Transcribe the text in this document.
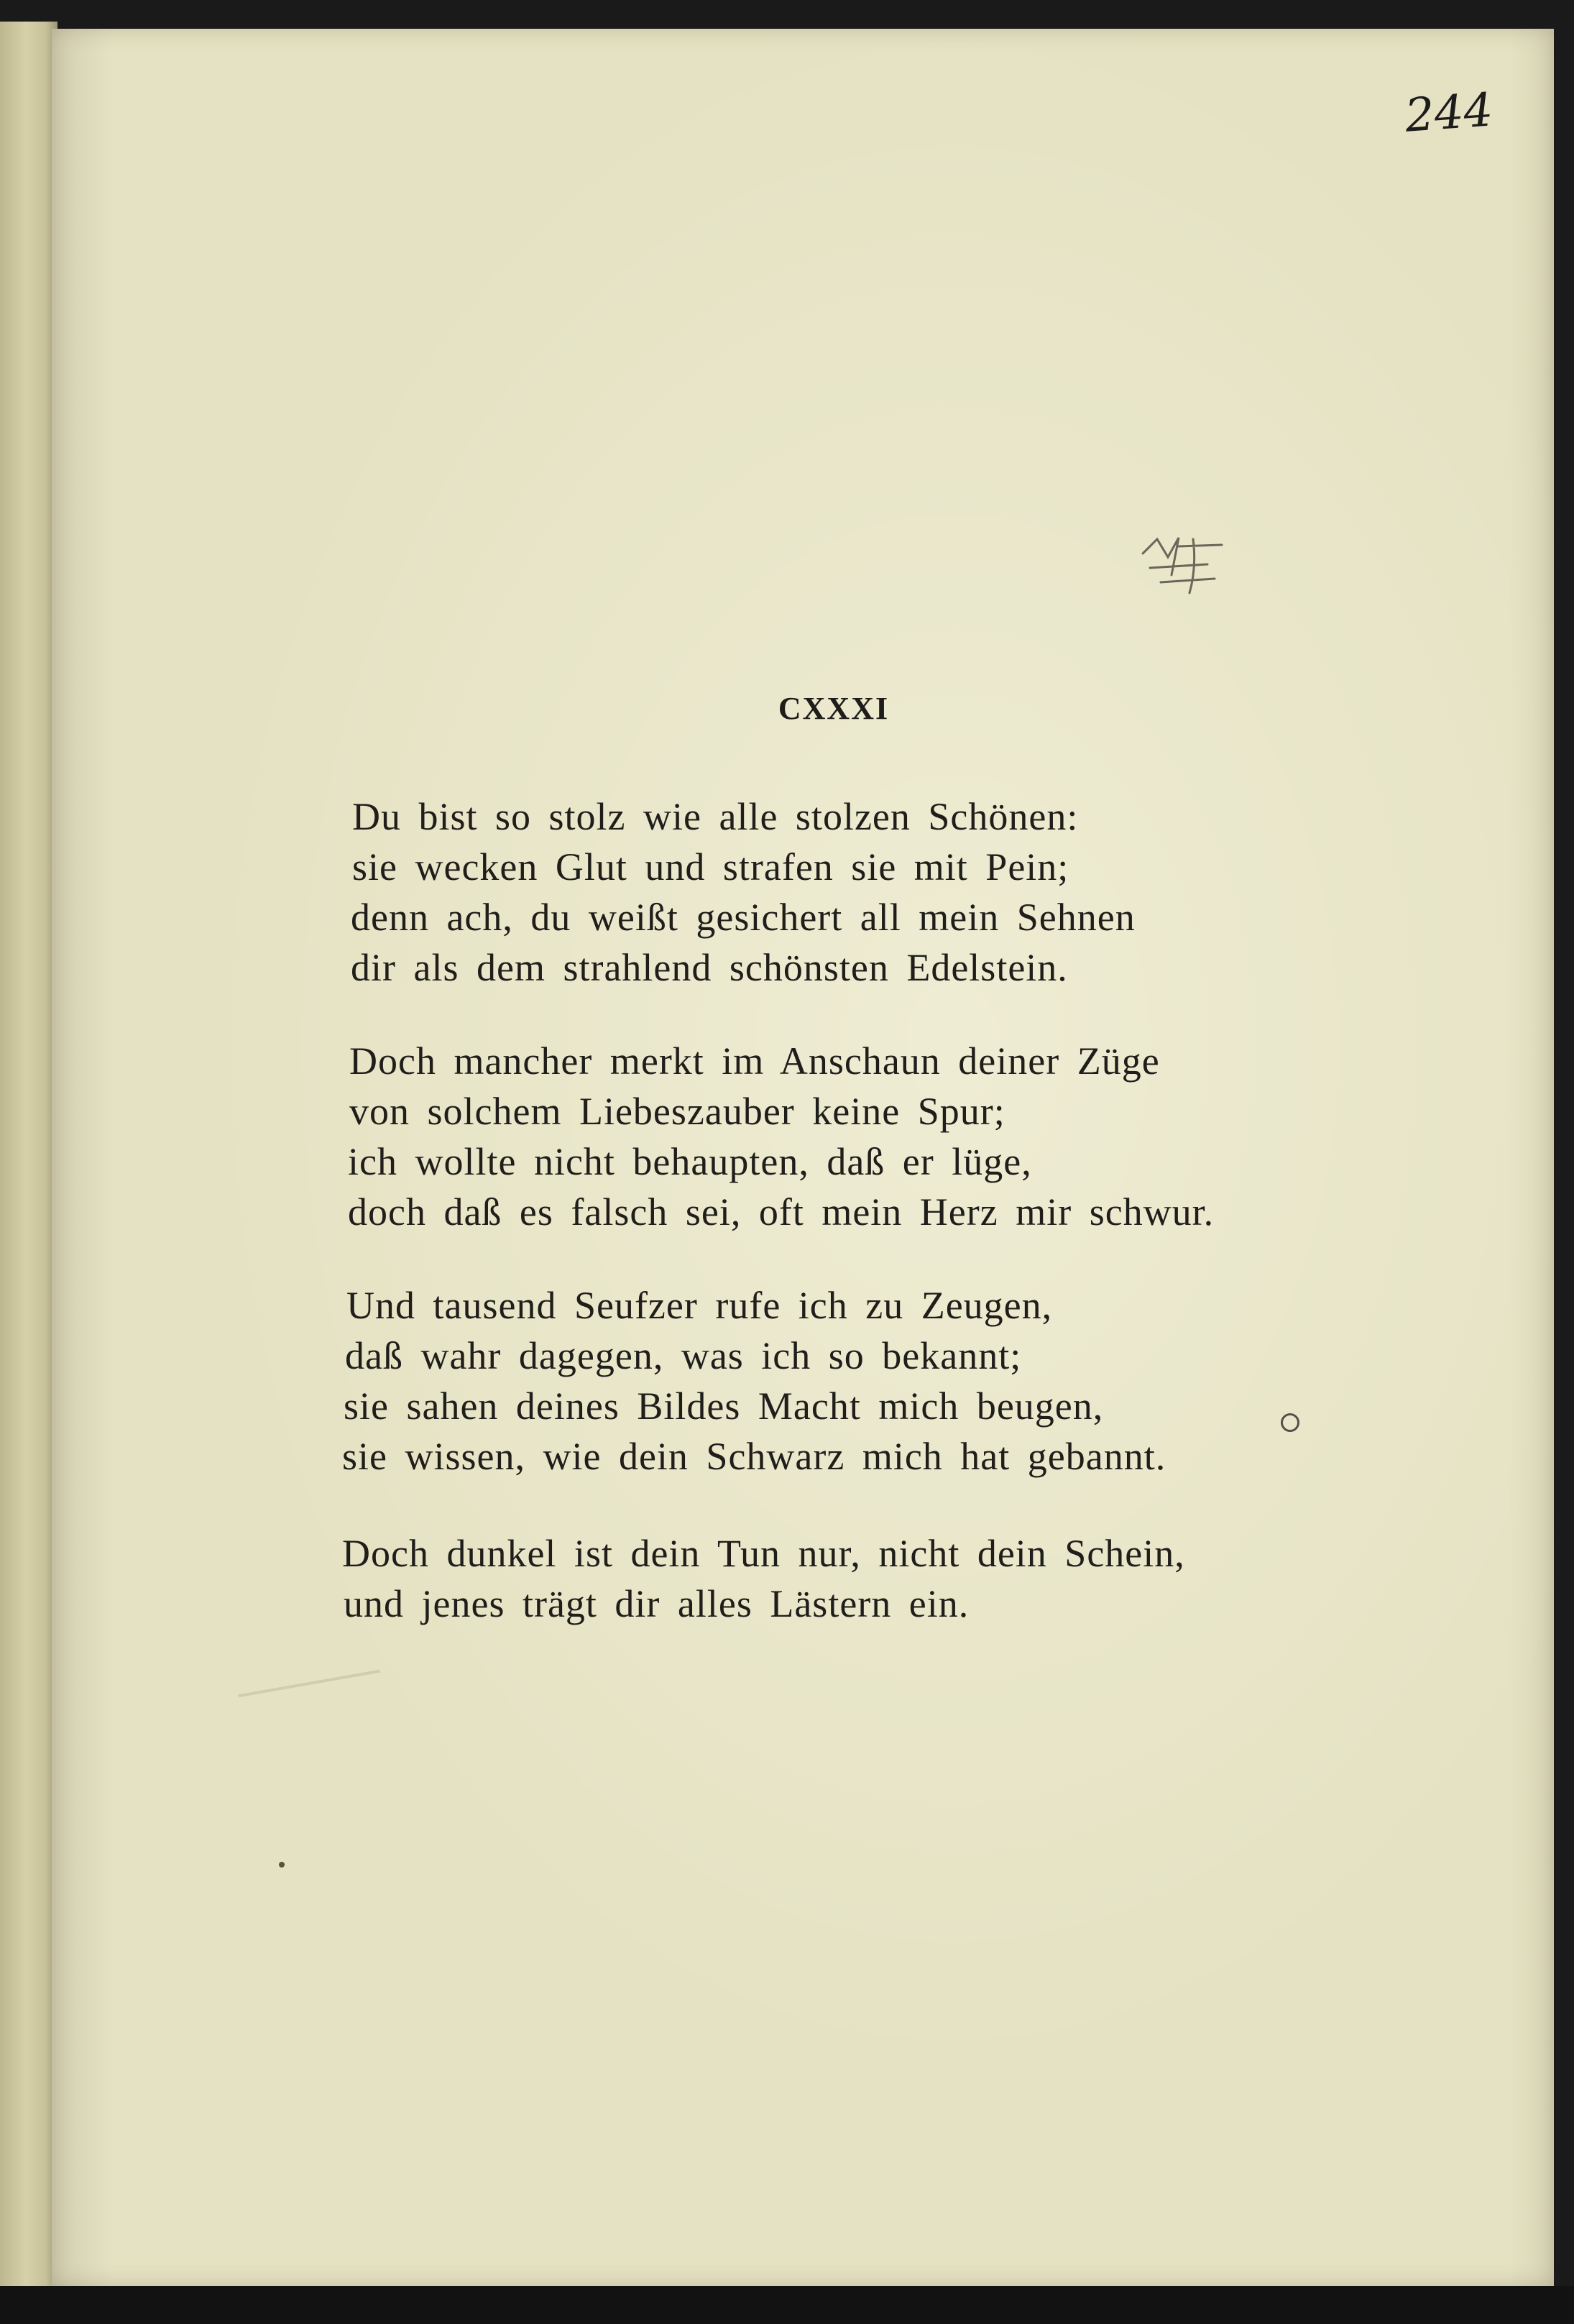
244
CXXXI
Du bist so stolz wie alle stolzen Schönen:
sie wecken Glut und strafen sie mit Pein;
denn ach, du weißt gesichert all mein Sehnen
dir als dem strahlend schönsten Edelstein.
Doch mancher merkt im Anschaun deiner Züge
von solchem Liebeszauber keine Spur;
ich wollte nicht behaupten, daß er lüge,
doch daß es falsch sei, oft mein Herz mir schwur.
Und tausend Seufzer rufe ich zu Zeugen,
daß wahr dagegen, was ich so bekannt;
sie sahen deines Bildes Macht mich beugen,
sie wissen, wie dein Schwarz mich hat gebannt.
Doch dunkel ist dein Tun nur, nicht dein Schein,
und jenes trägt dir alles Lästern ein.
